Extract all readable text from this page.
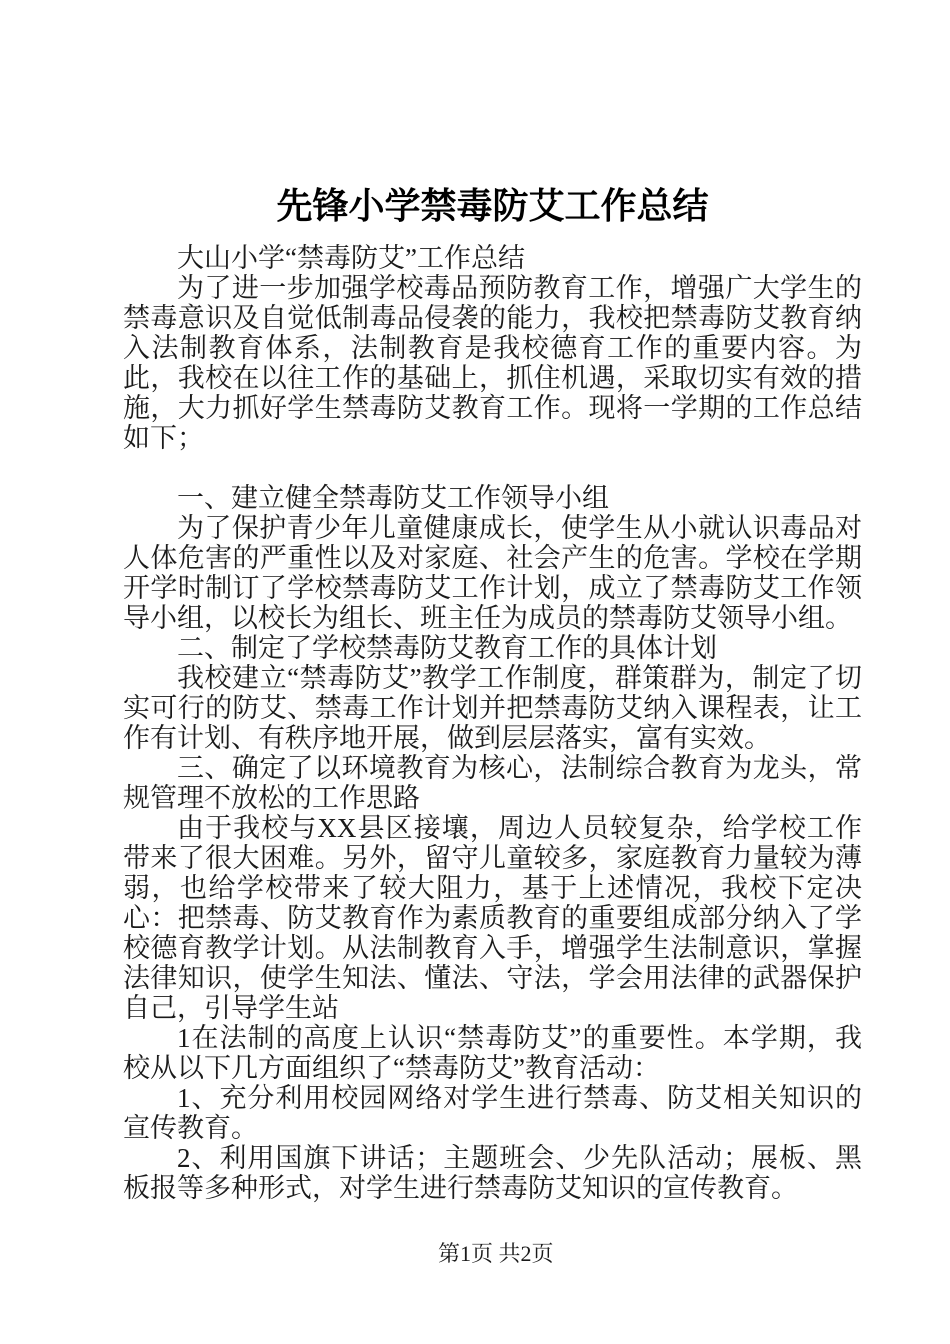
先锋小学禁毒防艾工作总结

大山小学“禁毒防艾”工作总结

为了进一步加强学校毒品预防教育工作，增强广大学生的禁毒意识及自觉低制毒品侵袭的能力，我校把禁毒防艾教育纳入法制教育体系，法制教育是我校德育工作的重要内容。为此，我校在以往工作的基础上，抓住机遇，采取切实有效的措施，大力抓好学生禁毒防艾教育工作。现将一学期的工作总结如下；

一、建立健全禁毒防艾工作领导小组

为了保护青少年儿童健康成长，使学生从小就认识毒品对人体危害的严重性以及对家庭、社会产生的危害。学校在学期开学时制订了学校禁毒防艾工作计划，成立了禁毒防艾工作领导小组，以校长为组长、班主任为成员的禁毒防艾领导小组。

二、制定了学校禁毒防艾教育工作的具体计划

我校建立“禁毒防艾”教学工作制度，群策群为，制定了切实可行的防艾、禁毒工作计划并把禁毒防艾纳入课程表，让工作有计划、有秩序地开展，做到层层落实，富有实效。

三、确定了以环境教育为核心，法制综合教育为龙头，常规管理不放松的工作思路

由于我校与XX县区接壤，周边人员较复杂，给学校工作带来了很大困难。另外，留守儿童较多，家庭教育力量较为薄弱，也给学校带来了较大阻力，基于上述情况，我校下定决心：把禁毒、防艾教育作为素质教育的重要组成部分纳入了学校德育教学计划。从法制教育入手，增强学生法制意识，掌握法律知识，使学生知法、懂法、守法，学会用法律的武器保护自己，引导学生站

1在法制的高度上认识“禁毒防艾”的重要性。本学期，我校从以下几方面组织了“禁毒防艾”教育活动：

1、充分利用校园网络对学生进行禁毒、防艾相关知识的宣传教育。

2、利用国旗下讲话；主题班会、少先队活动；展板、黑板报等多种形式，对学生进行禁毒防艾知识的宣传教育。

第1页 共2页
